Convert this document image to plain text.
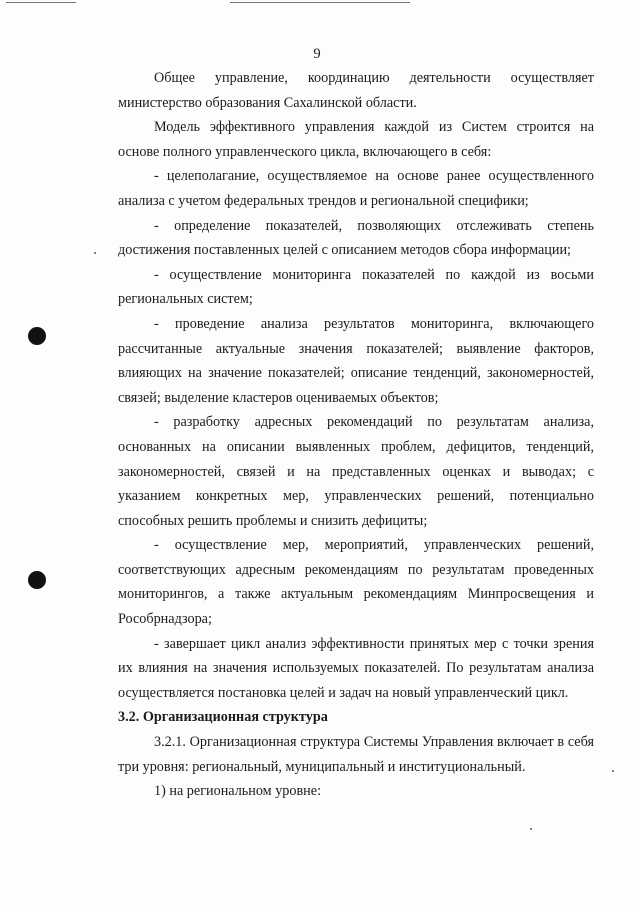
9

Общее управление, координацию деятельности осуществляет министерство образования Сахалинской области.

Модель эффективного управления каждой из Систем строится на основе полного управленческого цикла, включающего в себя:

- целеполагание, осуществляемое на основе ранее осуществленного анализа с учетом федеральных трендов и региональной специфики;

- определение показателей, позволяющих отслеживать степень достижения поставленных целей с описанием методов сбора информации;

- осуществление мониторинга показателей по каждой из восьми региональных систем;

- проведение анализа результатов мониторинга, включающего рассчитанные актуальные значения показателей; выявление факторов, влияющих на значение показателей; описание тенденций, закономерностей, связей; выделение кластеров оцениваемых объектов;

- разработку адресных рекомендаций по результатам анализа, основанных на описании выявленных проблем, дефицитов, тенденций, закономерностей, связей и на представленных оценках и выводах; с указанием конкретных мер, управленческих решений, потенциально способных решить проблемы и снизить дефициты;

- осуществление мер, мероприятий, управленческих решений, соответствующих адресным рекомендациям по результатам проведенных мониторингов, а также актуальным рекомендациям Минпросвещения и Рособрнадзора;

- завершает цикл анализ эффективности принятых мер с точки зрения их влияния на значения используемых показателей. По результатам анализа осуществляется постановка целей и задач на новый управленческий цикл.

3.2. Организационная структура

3.2.1. Организационная структура Системы Управления включает в себя три уровня: региональный, муниципальный и институциональный.

1) на региональном уровне:
